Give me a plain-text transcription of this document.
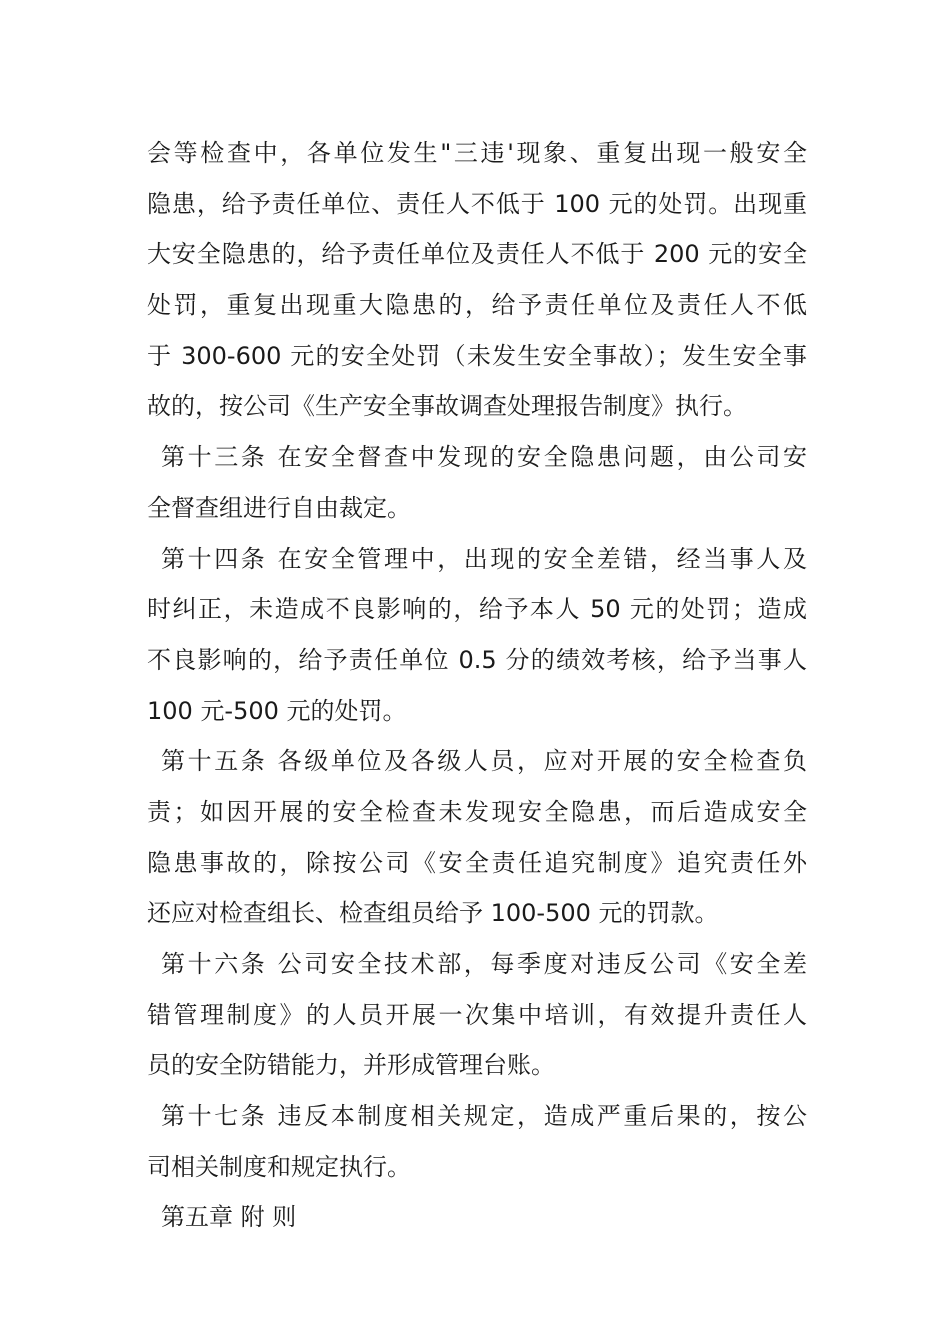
会等检查中，各单位发生"三违'现象、重复出现一般安全
隐患，给予责任单位、责任人不低于 100 元的处罚。出现重
大安全隐患的，给予责任单位及责任人不低于 200 元的安全
处罚，重复出现重大隐患的，给予责任单位及责任人不低
于 300-600 元的安全处罚（未发生安全事故）；发生安全事
故的，按公司《生产安全事故调查处理报告制度》执行。
第十三条 在安全督查中发现的安全隐患问题，由公司安
全督查组进行自由裁定。
第十四条 在安全管理中，出现的安全差错，经当事人及
时纠正，未造成不良影响的，给予本人 50 元的处罚；造成
不良影响的，给予责任单位 0.5 分的绩效考核，给予当事人
100 元-500 元的处罚。
第十五条 各级单位及各级人员，应对开展的安全检查负
责；如因开展的安全检查未发现安全隐患，而后造成安全
隐患事故的，除按公司《安全责任追究制度》追究责任外
还应对检查组长、检查组员给予 100-500 元的罚款。
第十六条 公司安全技术部，每季度对违反公司《安全差
错管理制度》的人员开展一次集中培训，有效提升责任人
员的安全防错能力，并形成管理台账。
第十七条 违反本制度相关规定，造成严重后果的，按公
司相关制度和规定执行。
第五章 附 则
